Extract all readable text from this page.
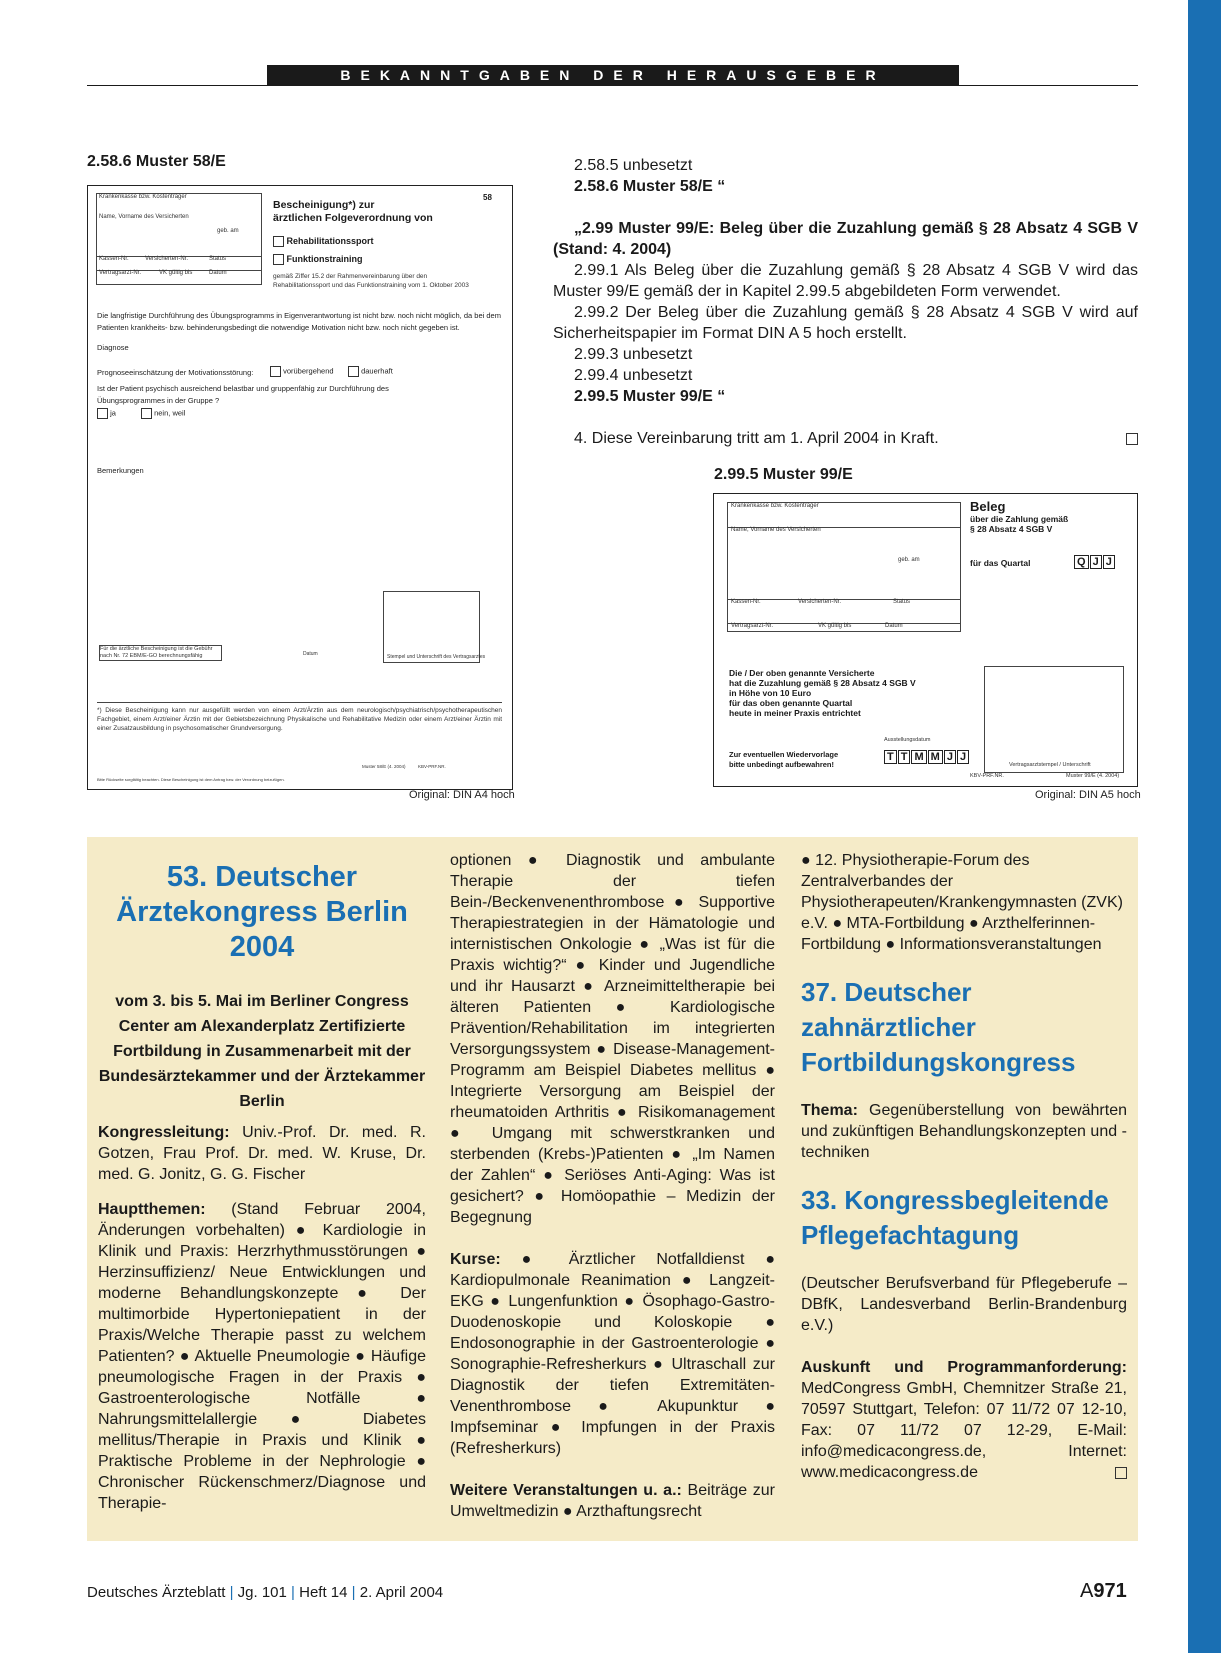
BEKANNTGABEN DER HERAUSGEBER
2.58.6 Muster 58/E
Krankenkasse bzw. Kostenträger
Name, Vorname des Versicherten
geb. am
Kassen-Nr.	Versicherten-Nr.	Status
Vertragsarzt-Nr.	VK gültig bis	Datum
Bescheinigung*) zur
ärztlichen Folgeverordnung von
58
Rehabilitationssport
Funktionstraining
gemäß Ziffer 15.2 der Rahmenvereinbarung über den Rehabilitationssport und das Funktionstraining vom 1. Oktober 2003
Die langfristige Durchführung des Übungsprogramms in Eigenverantwortung ist nicht bzw. noch nicht möglich, da bei dem Patienten krankheits- bzw. behinderungsbedingt die notwendige Motivation nicht bzw. noch nicht gegeben ist.
Diagnose
Prognoseeinschätzung der Motivationsstörung:	vorübergehend	dauerhaft
Ist der Patient psychisch ausreichend belastbar und gruppenfähig zur Durchführung des Übungsprogrammes in der Gruppe ?
ja	nein, weil
Bemerkungen
Stempel und Unterschrift des Vertragsarztes
Für die ärztliche Bescheinigung ist die Gebühr nach Nr. 72 EBM/E-GO berechnungsfähig	Datum
*) Diese Bescheinigung kann nur ausgefüllt werden von einem Arzt/Ärztin aus dem neurologisch/psychiatrisch/psychotherapeutischen Fachgebiet, einem Arzt/einer Ärztin mit der Gebietsbezeichnung Physikalische und Rehabilitative Medizin oder einem Arzt/einer Ärztin mit einer Zusatzausbildung in psychosomatischer Grundversorgung.
Muster 58/E (4. 2004)	KBV-PRF.NR.
Bitte Rückseite sorgfältig beachten. Diese Bescheinigung ist dem Antrag bzw. der Verordnung beizufügen.
Original: DIN A4 hoch

2.58.5 unbesetzt

2.58.6 Muster 58/E “

„2.99 Muster 99/E: Beleg über die Zuzahlung gemäß § 28 Absatz 4 SGB V (Stand: 4. 2004)

2.99.1 Als Beleg über die Zuzahlung gemäß § 28 Absatz 4 SGB V wird das Muster 99/E gemäß der in Kapitel 2.99.5 abgebildeten Form verwendet.

2.99.2 Der Beleg über die Zuzahlung gemäß § 28 Absatz 4 SGB V wird auf Sicherheitspapier im Format DIN A 5 hoch erstellt.

2.99.3 unbesetzt

2.99.4 unbesetzt

2.99.5 Muster 99/E “

4. Diese Vereinbarung tritt am 1. April 2004 in Kraft.

2.99.5 Muster 99/E
Krankenkasse bzw. Kostenträger
Name, Vorname des Versicherten
geb. am
Kassen-Nr.	Versicherten-Nr.	Status
Vertragsarzt-Nr.	VK gültig bis	Datum
Beleg
über die Zahlung gemäß
§ 28 Absatz 4 SGB V
für das Quartal	Q J J
Die / Der oben genannte Versicherte
hat die Zuzahlung gemäß § 28 Absatz 4 SGB V
in Höhe von 10 Euro
für das oben genannte Quartal
heute in meiner Praxis entrichtet
Ausstellungsdatum
T T M M J J
Zur eventuellen Wiedervorlage
bitte unbedingt aufbewahren!	Vertragsarztstempel / Unterschrift
KBV-PRF.NR.	Muster 99/E (4. 2004)
Original: DIN A5 hoch
53. Deutscher
Ärztekongress Berlin
2004

vom 3. bis 5. Mai im Berliner Congress Center am Alexanderplatz Zertifizierte Fortbildung in Zusammenarbeit mit der Bundesärztekammer und der Ärztekammer Berlin

Kongressleitung: Univ.-Prof. Dr. med. R. Gotzen, Frau Prof. Dr. med. W. Kruse, Dr. med. G. Jonitz, G. G. Fischer

Hauptthemen: (Stand Februar 2004, Änderungen vorbehalten) ● Kardiologie in Klinik und Praxis: Herzrhythmusstörungen ● Herzinsuffizienz/ Neue Entwicklungen und moderne Behandlungskonzepte ● Der multimorbide Hypertoniepatient in der Praxis/Welche Therapie passt zu welchem Patienten? ● Aktuelle Pneumologie ● Häufige pneumologische Fragen in der Praxis ● Gastroenterologische Notfälle ● Nahrungsmittelallergie ● Diabetes mellitus/Therapie in Praxis und Klinik ● Praktische Probleme in der Nephrologie ● Chronischer Rückenschmerz/Diagnose und Therapie-

optionen ● Diagnostik und ambulante Therapie der tiefen Bein-/Beckenvenenthrombose ● Supportive Therapiestrategien in der Hämatologie und internistischen Onkologie ● „Was ist für die Praxis wichtig?“ ● Kinder und Jugendliche und ihr Hausarzt ● Arzneimitteltherapie bei älteren Patienten ● Kardiologische Prävention/Rehabilitation im integrierten Versorgungssystem ● Disease-Management-Programm am Beispiel Diabetes mellitus ● Integrierte Versorgung am Beispiel der rheumatoiden Arthritis ● Risikomanagement ● Umgang mit schwerstkranken und sterbenden (Krebs-)Patienten ● „Im Namen der Zahlen“ ● Seriöses Anti-Aging: Was ist gesichert? ● Homöopathie – Medizin der Begegnung

Kurse: ● Ärztlicher Notfalldienst ● Kardiopulmonale Reanimation ● Langzeit-EKG ● Lungenfunktion ● Ösophago-Gastro-Duodenoskopie und Koloskopie ● Endosonographie in der Gastroenterologie ● Sonographie-Refresherkurs ● Ultraschall zur Diagnostik der tiefen Extremitäten-Venenthrombose ● Akupunktur ● Impfseminar ● Impfungen in der Praxis (Refresherkurs)

Weitere Veranstaltungen u. a.: Beiträge zur Umweltmedizin ● Arzthaftungsrecht

● 12. Physiotherapie-Forum des Zentralverbandes der Physiotherapeuten/Krankengymnasten (ZVK) e.V. ● MTA-Fortbildung ● Arzthelferinnen-Fortbildung ● Informationsveranstaltungen

37. Deutscher zahnärztlicher Fortbildungskongress

Thema: Gegenüberstellung von bewährten und zukünftigen Behandlungskonzepten und -techniken

33. Kongressbegleitende Pflegefachtagung

(Deutscher Berufsverband für Pflegeberufe – DBfK, Landesverband Berlin-Brandenburg e.V.)

Auskunft und Programmanforderung: MedCongress GmbH, Chemnitzer Straße 21, 70597 Stuttgart, Telefon: 07 11/72 07 12-10, Fax: 07 11/72 07 12-29, E-Mail: info@medicacongress.de, Internet: www.medicacongress.de

Deutsches Ärzteblatt | Jg. 101 | Heft 14 | 2. April 2004	A971
